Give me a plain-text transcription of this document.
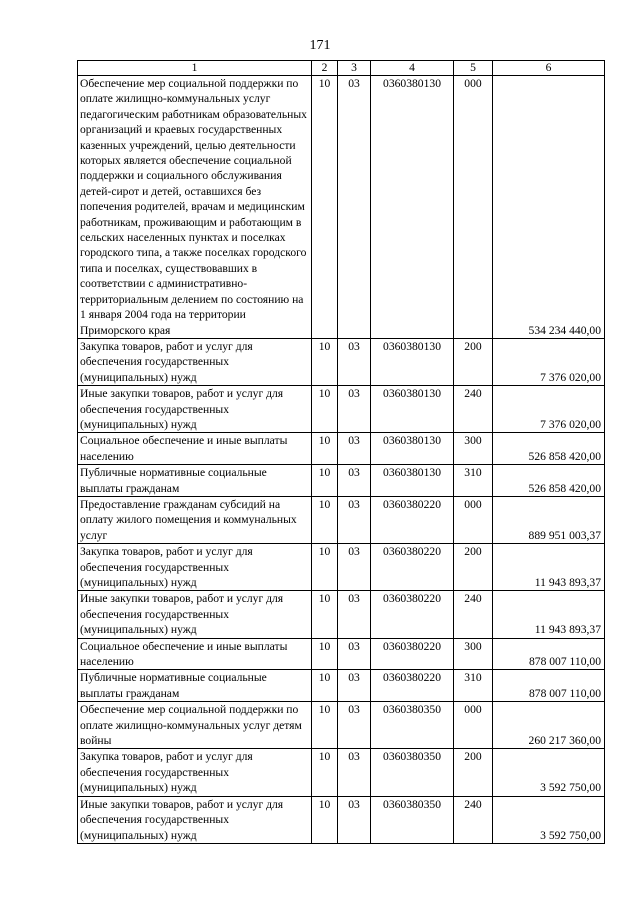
171
1	2	3	4	5	6
Обеспечение мер социальной поддержки по оплате жилищно-коммунальных услуг педагогическим работникам образовательных организаций и краевых государственных казенных учреждений, целью деятельности которых является обеспечение социальной поддержки и социального обслуживания детей-сирот и детей, оставшихся без попечения родителей, врачам и медицинским работникам, проживающим и работающим в сельских населенных пунктах и поселках городского типа, а также поселках городского типа и поселках, существовавших в соответствии с административно-территориальным делением по состоянию на 1 января 2004 года на территории Приморского края	10	03	0360380130	000	534 234 440,00
Закупка товаров, работ и услуг для обеспечения государственных (муниципальных) нужд	10	03	0360380130	200	7 376 020,00
Иные закупки товаров, работ и услуг для обеспечения государственных (муниципальных) нужд	10	03	0360380130	240	7 376 020,00
Социальное обеспечение и иные выплаты населению	10	03	0360380130	300	526 858 420,00
Публичные нормативные социальные выплаты гражданам	10	03	0360380130	310	526 858 420,00
Предоставление гражданам субсидий на оплату жилого помещения и коммунальных услуг	10	03	0360380220	000	889 951 003,37
Закупка товаров, работ и услуг для обеспечения государственных (муниципальных) нужд	10	03	0360380220	200	11 943 893,37
Иные закупки товаров, работ и услуг для обеспечения государственных (муниципальных) нужд	10	03	0360380220	240	11 943 893,37
Социальное обеспечение и иные выплаты населению	10	03	0360380220	300	878 007 110,00
Публичные нормативные социальные выплаты гражданам	10	03	0360380220	310	878 007 110,00
Обеспечение мер социальной поддержки по оплате жилищно-коммунальных услуг детям войны	10	03	0360380350	000	260 217 360,00
Закупка товаров, работ и услуг для обеспечения государственных (муниципальных) нужд	10	03	0360380350	200	3 592 750,00
Иные закупки товаров, работ и услуг для обеспечения государственных (муниципальных) нужд	10	03	0360380350	240	3 592 750,00
